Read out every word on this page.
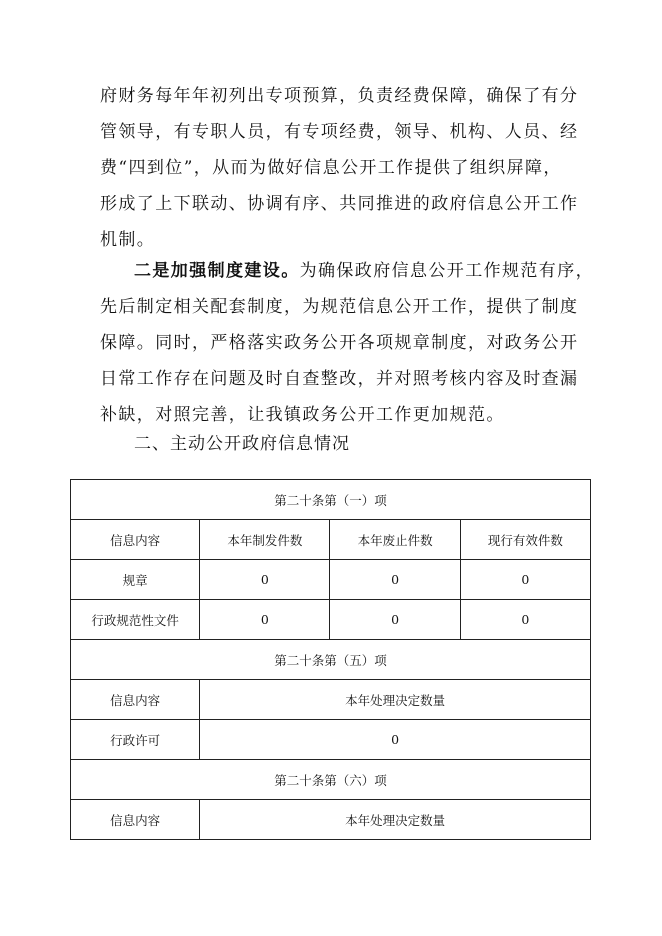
府财务每年年初列出专项预算，负责经费保障，确保了有分
管领导，有专职人员，有专项经费，领导、机构、人员、经
费“四到位”，从而为做好信息公开工作提供了组织屏障，
形成了上下联动、协调有序、共同推进的政府信息公开工作
机制。
二是加强制度建设。为确保政府信息公开工作规范有序，
先后制定相关配套制度，为规范信息公开工作，提供了制度
保障。同时，严格落实政务公开各项规章制度，对政务公开
日常工作存在问题及时自查整改，并对照考核内容及时查漏
补缺，对照完善，让我镇政务公开工作更加规范。
二、主动公开政府信息情况
第二十条第（一）项			
信息内容	本年制发件数	本年废止件数	现行有效件数
规章	0	0	0
行政规范性文件	0	0	0
第二十条第（五）项			
信息内容	本年处理决定数量		
行政许可	0		
第二十条第（六）项			
信息内容	本年处理决定数量		
